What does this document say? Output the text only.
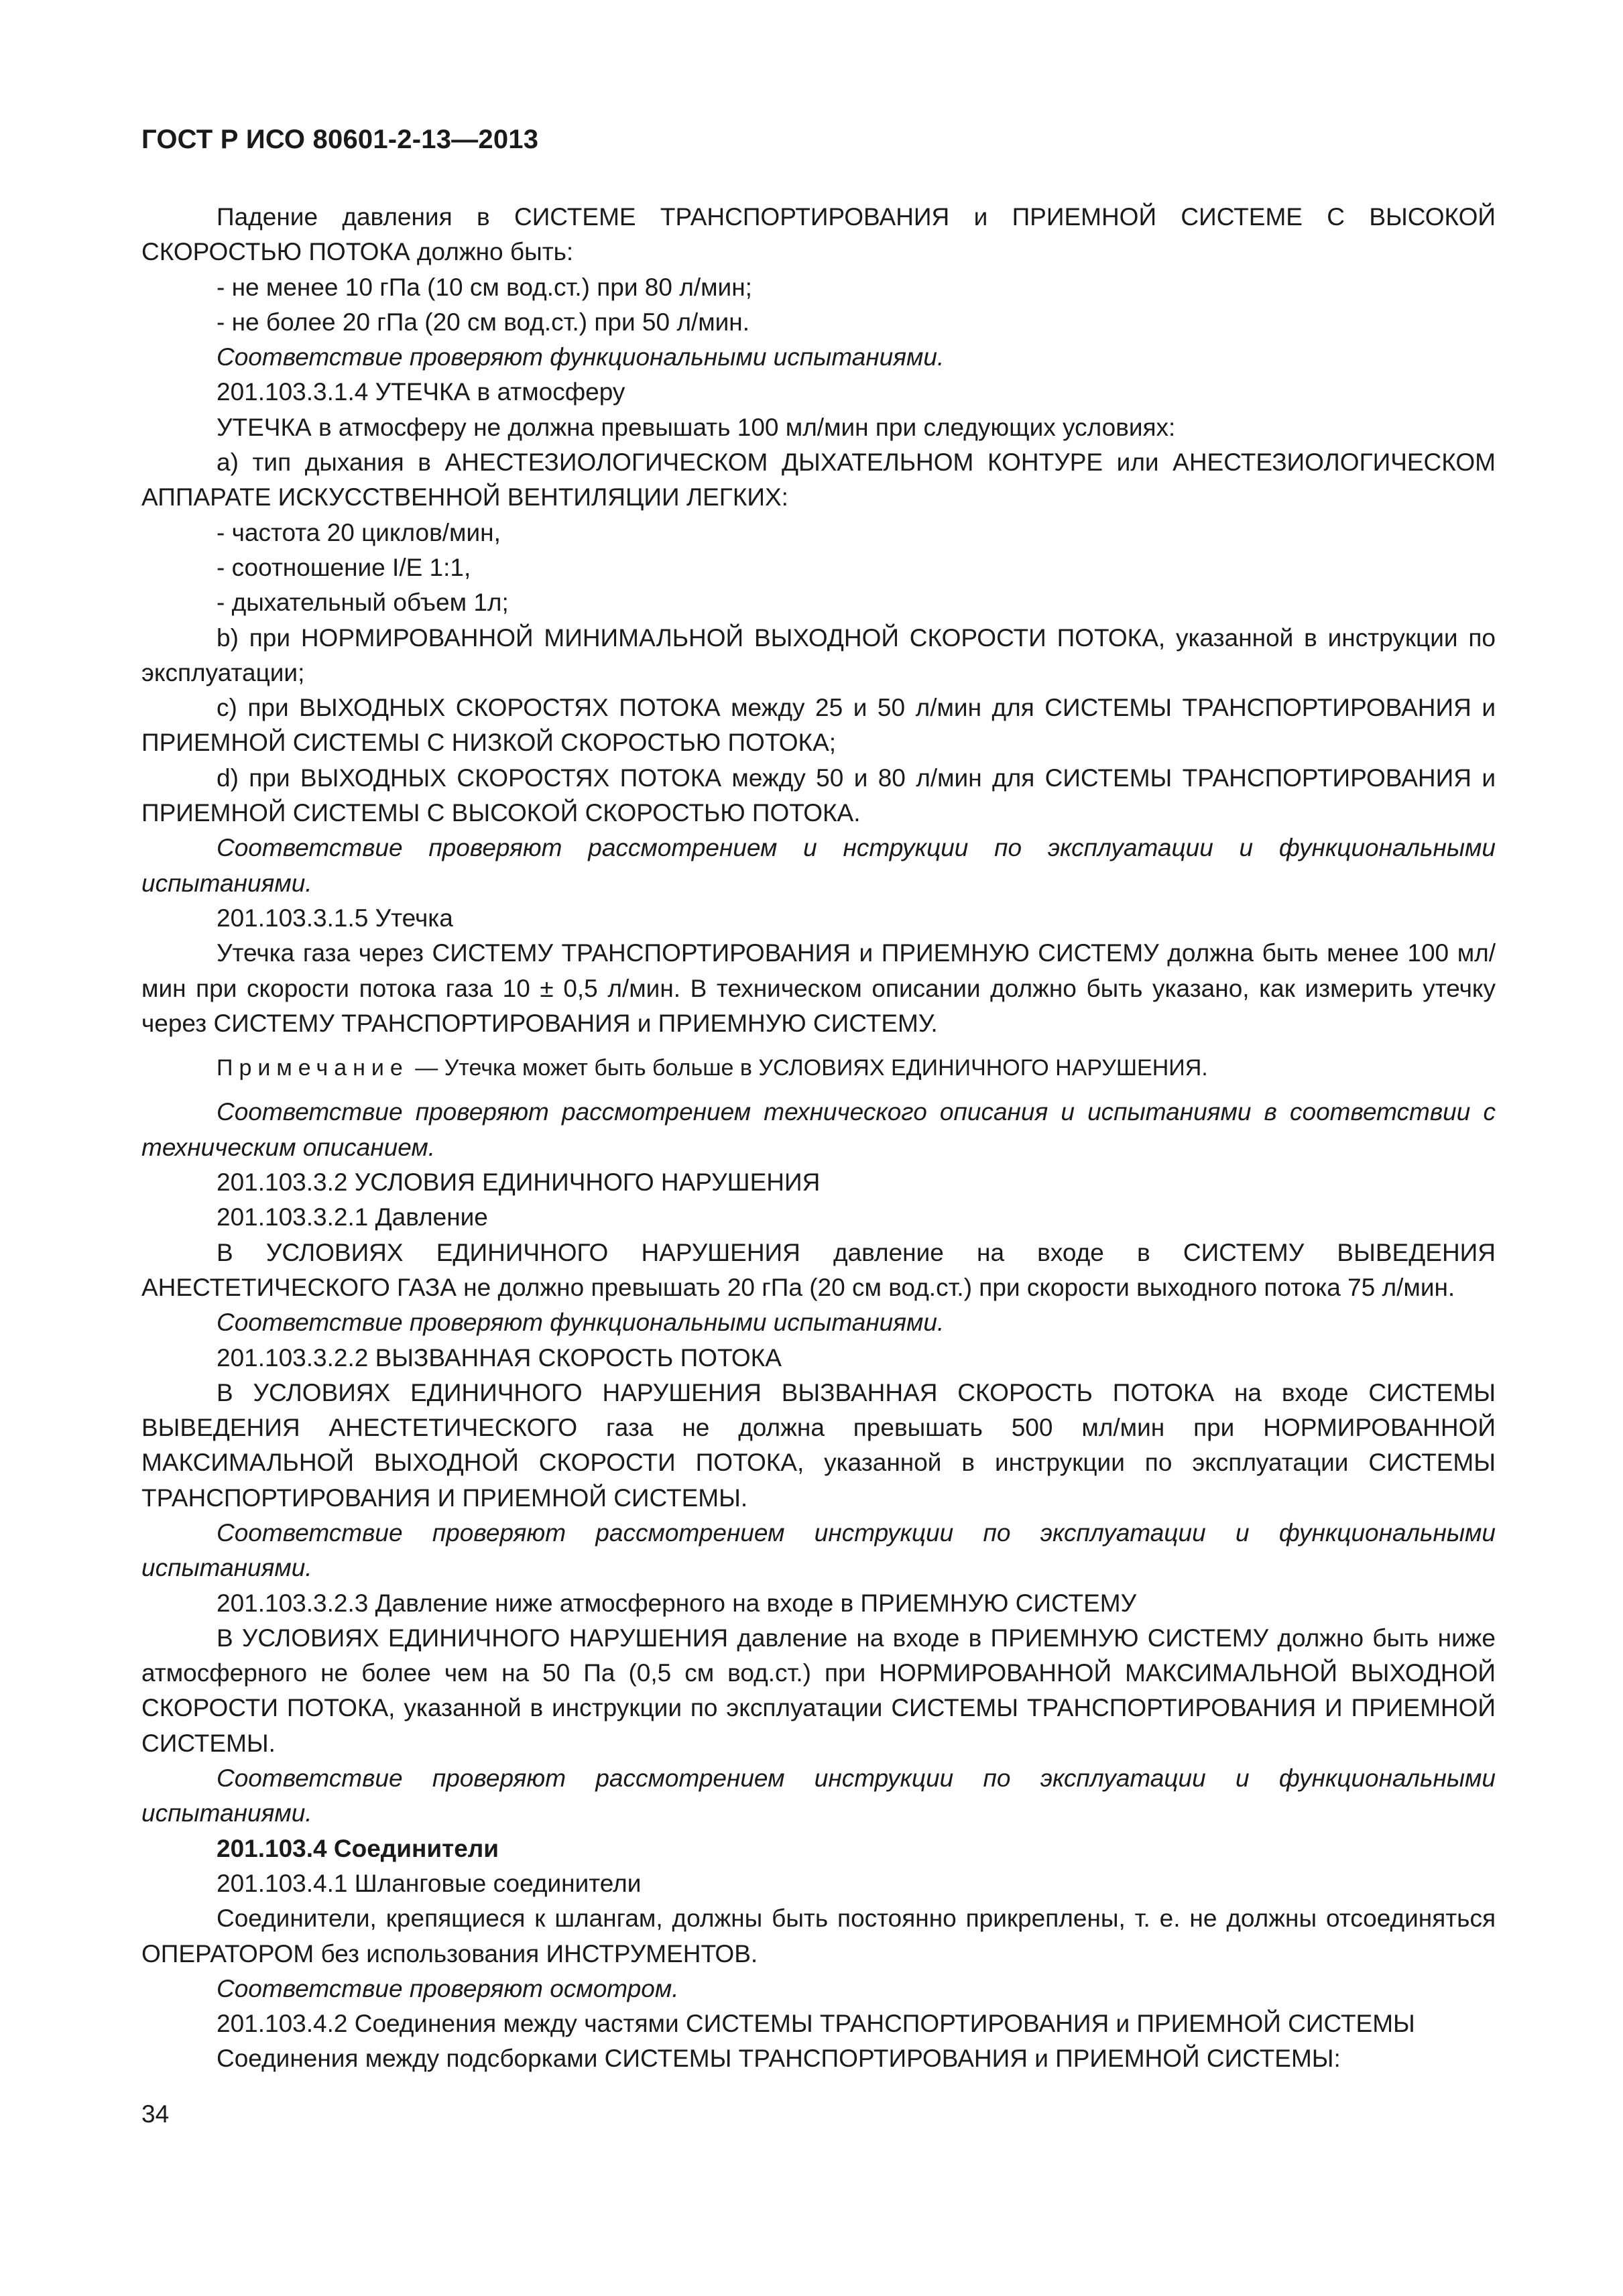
ГОСТ Р ИСО 80601-2-13—2013

Падение давления в СИСТЕМЕ ТРАНСПОРТИРОВАНИЯ и ПРИЕМНОЙ СИСТЕМЕ С ВЫСОКОЙ СКОРОСТЬЮ ПОТОКА должно быть:

- не менее 10 гПа (10 см вод.ст.) при 80 л/мин;

- не более 20 гПа (20 см вод.ст.) при 50 л/мин.

Соответствие проверяют функциональными испытаниями.

201.103.3.1.4 УТЕЧКА в атмосферу

УТЕЧКА в атмосферу не должна превышать 100 мл/мин при следующих условиях:

a) тип дыхания в АНЕСТЕЗИОЛОГИЧЕСКОМ ДЫХАТЕЛЬНОМ КОНТУРЕ или АНЕСТЕЗИОЛОГИЧЕСКОМ АППАРАТЕ ИСКУССТВЕННОЙ ВЕНТИЛЯЦИИ ЛЕГКИХ:

- частота 20 циклов/мин,

- соотношение I/E 1:1,

- дыхательный объем 1л;

b) при НОРМИРОВАННОЙ МИНИМАЛЬНОЙ ВЫХОДНОЙ СКОРОСТИ ПОТОКА, указанной в инструкции по эксплуатации;

c) при ВЫХОДНЫХ СКОРОСТЯХ ПОТОКА между 25 и 50 л/мин для СИСТЕМЫ ТРАНСПОРТИРОВАНИЯ и ПРИЕМНОЙ СИСТЕМЫ С НИЗКОЙ СКОРОСТЬЮ ПОТОКА;

d) при ВЫХОДНЫХ СКОРОСТЯХ ПОТОКА между 50 и 80 л/мин для СИСТЕМЫ ТРАНСПОРТИРОВАНИЯ и ПРИЕМНОЙ СИСТЕМЫ С ВЫСОКОЙ СКОРОСТЬЮ ПОТОКА.

Соответствие проверяют рассмотрением и нструкции по эксплуатации и функциональными испытаниями.

201.103.3.1.5 Утечка

Утечка газа через СИСТЕМУ ТРАНСПОРТИРОВАНИЯ и ПРИЕМНУЮ СИСТЕМУ должна быть менее 100 мл/мин при скорости потока газа 10 ± 0,5 л/мин. В техническом описании должно быть указано, как измерить утечку через СИСТЕМУ ТРАНСПОРТИРОВАНИЯ и ПРИЕМНУЮ СИСТЕМУ.

Примечание — Утечка может быть больше в УСЛОВИЯХ ЕДИНИЧНОГО НАРУШЕНИЯ.

Соответствие проверяют рассмотрением технического описания и испытаниями в соответствии с техническим описанием.

201.103.3.2 УСЛОВИЯ ЕДИНИЧНОГО НАРУШЕНИЯ

201.103.3.2.1 Давление

В УСЛОВИЯХ ЕДИНИЧНОГО НАРУШЕНИЯ давление на входе в СИСТЕМУ ВЫВЕДЕНИЯ АНЕСТЕТИЧЕСКОГО ГАЗА не должно превышать 20 гПа (20 см вод.ст.) при скорости выходного потока 75 л/мин.

Соответствие проверяют функциональными испытаниями.

201.103.3.2.2 ВЫЗВАННАЯ СКОРОСТЬ ПОТОКА

В УСЛОВИЯХ ЕДИНИЧНОГО НАРУШЕНИЯ ВЫЗВАННАЯ СКОРОСТЬ ПОТОКА на входе СИСТЕМЫ ВЫВЕДЕНИЯ АНЕСТЕТИЧЕСКОГО газа не должна превышать 500 мл/мин при НОРМИРОВАННОЙ МАКСИМАЛЬНОЙ ВЫХОДНОЙ СКОРОСТИ ПОТОКА, указанной в инструкции по эксплуатации СИСТЕМЫ ТРАНСПОРТИРОВАНИЯ И ПРИЕМНОЙ СИСТЕМЫ.

Соответствие проверяют рассмотрением инструкции по эксплуатации и функциональными испытаниями.

201.103.3.2.3 Давление ниже атмосферного на входе в ПРИЕМНУЮ СИСТЕМУ

В УСЛОВИЯХ ЕДИНИЧНОГО НАРУШЕНИЯ давление на входе в ПРИЕМНУЮ СИСТЕМУ должно быть ниже атмосферного не более чем на 50 Па (0,5 см вод.ст.) при НОРМИРОВАННОЙ МАКСИМАЛЬНОЙ ВЫХОДНОЙ СКОРОСТИ ПОТОКА, указанной в инструкции по эксплуатации СИСТЕМЫ ТРАНСПОРТИРОВАНИЯ И ПРИЕМНОЙ СИСТЕМЫ.

Соответствие проверяют рассмотрением инструкции по эксплуатации и функциональными испытаниями.

201.103.4 Соединители

201.103.4.1 Шланговые соединители

Соединители, крепящиеся к шлангам, должны быть постоянно прикреплены, т. е. не должны отсоединяться ОПЕРАТОРОМ без использования ИНСТРУМЕНТОВ.

Соответствие проверяют осмотром.

201.103.4.2 Соединения между частями СИСТЕМЫ ТРАНСПОРТИРОВАНИЯ и ПРИЕМНОЙ СИСТЕМЫ

Соединения между подсборками СИСТЕМЫ ТРАНСПОРТИРОВАНИЯ и ПРИЕМНОЙ СИСТЕМЫ:

34
